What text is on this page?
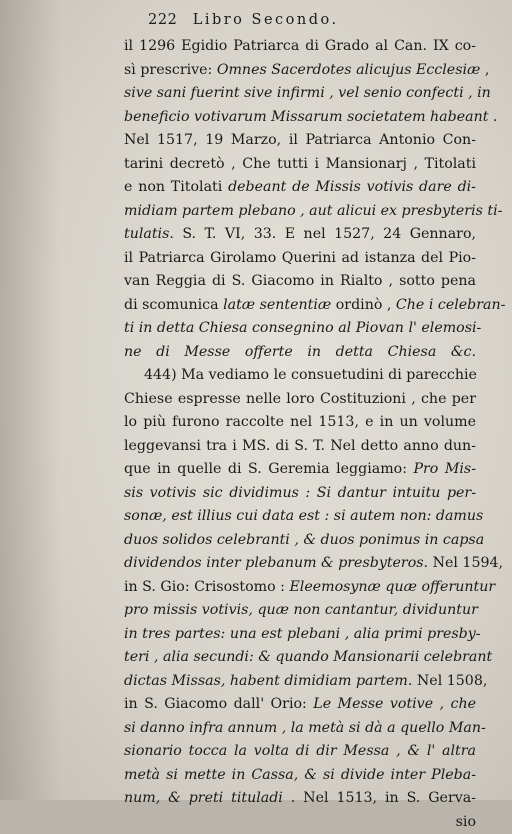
222 Libro Secondo.
il 1296 Egidio Patriarca di Grado al Can. IX co-
sì prescrive: Omnes Sacerdotes alicujus Ecclesiæ ,
sive sani fuerint sive infirmi , vel senio confecti , in
beneficio votivarum Missarum societatem habeant .
Nel 1517, 19 Marzo, il Patriarca Antonio Con-
tarini decretò , Che tutti i Mansionarj , Titolati
e non Titolati debeant de Missis votivis dare di-
midiam partem plebano , aut alicui ex presbyteris ti-
tulatis. S. T. VI, 33. E nel 1527, 24 Gennaro,
il Patriarca Girolamo Querini ad istanza del Pio-
van Reggia di S. Giacomo in Rialto , sotto pena
di scomunica latæ sententiæ ordinò , Che i celebran-
ti in detta Chiesa consegnino al Piovan l' elemosi-
ne di Messe offerte in detta Chiesa &c.
444) Ma vediamo le consuetudini di parecchie
Chiese espresse nelle loro Costituzioni , che per
lo più furono raccolte nel 1513, e in un volume
leggevansi tra i MS. di S. T. Nel detto anno dun-
que in quelle di S. Geremia leggiamo: Pro Mis-
sis votivis sic dividimus : Si dantur intuitu per-
sonæ, est illius cui data est : si autem non: damus
duos solidos celebranti , & duos ponimus in capsa
dividendos inter plebanum & presbyteros. Nel 1594,
in S. Gio: Crisostomo : Eleemosynæ quæ offeruntur
pro missis votivis, quæ non cantantur, dividuntur
in tres partes: una est plebani , alia primi presby-
teri , alia secundi: & quando Mansionarii celebrant
dictas Missas, habent dimidiam partem. Nel 1508,
in S. Giacomo dall' Orio: Le Messe votive , che
si danno infra annum , la metà si dà a quello Man-
sionario tocca la volta di dir Messa , & l' altra
metà si mette in Cassa, & si divide inter Pleba-
num, & preti tituladi . Nel 1513, in S. Gerva-
sio
